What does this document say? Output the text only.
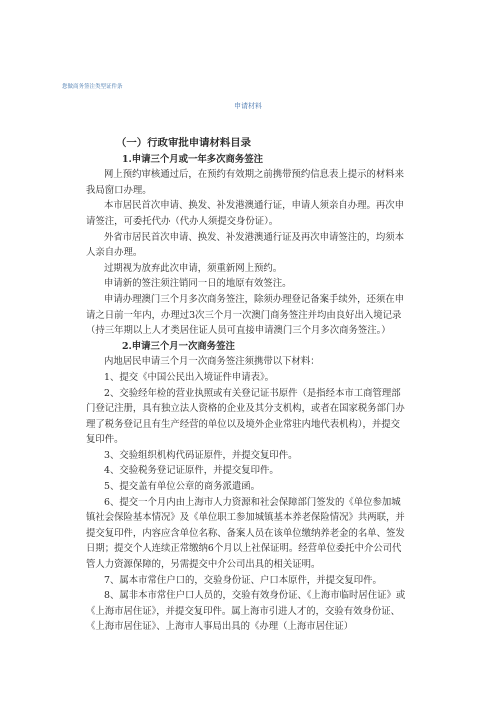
您做商务签注类型证件条
申请材料

（一）行政审批申请材料目录

1.申请三个月或一年多次商务签注

网上预约审核通过后，在预约有效期之前携带预约信息表上提示的材料来我局窗口办理。

本市居民首次申请、换发、补发港澳通行证，申请人须亲自办理。再次申请签注，可委托代办（代办人须提交身份证）。

外省市居民首次申请、换发、补发港澳通行证及再次申请签注的，均须本人亲自办理。

过期视为放弃此次申请，须重新网上预约。

申请新的签注须注销同一日的地原有效签注。

申请办理澳门三个月多次商务签注，除须办理登记备案手续外，还须在申请之日前一年内，办理过3次三个月一次澳门商务签注并均由良好出入境记录（持三年期以上人才类居住证人员可直接申请澳门三个月多次商务签注。）

2.申请三个月一次商务签注

内地居民申请三个月一次商务签注须携带以下材料：

1、提交《中国公民出入境证件申请表》。

2、交验经年检的营业执照或有关登记证书原件（是指经本市工商管理部门登记注册，具有独立法人资格的企业及其分支机构，或者在国家税务部门办理了税务登记且有生产经营的单位以及境外企业常驻内地代表机构），并提交复印件。

3、交验组织机构代码证原件，并提交复印件。

4、交验税务登记证原件，并提交复印件。

5、提交盖有单位公章的商务派遣函。

6、提交一个月内由上海市人力资源和社会保障部门签发的《单位参加城镇社会保险基本情况》及《单位职工参加城镇基本养老保险情况》共两联，并提交复印件，内容应含单位名称、备案人员在该单位缴纳养老金的名单、签发日期；提交个人连续正常缴纳6个月以上社保证明。经营单位委托中介公司代管人力资源保障的，另需提交中介公司出具的相关证明。

7、属本市常住户口的，交验身份证、户口本原件，并提交复印件。

8、属非本市常住户口人员的，交验有效身份证、《上海市临时居住证》或《上海市居住证》，并提交复印件。属上海市引进人才的，交验有效身份证、《上海市居住证》、上海市人事局出具的《办理（上海市居住证）
